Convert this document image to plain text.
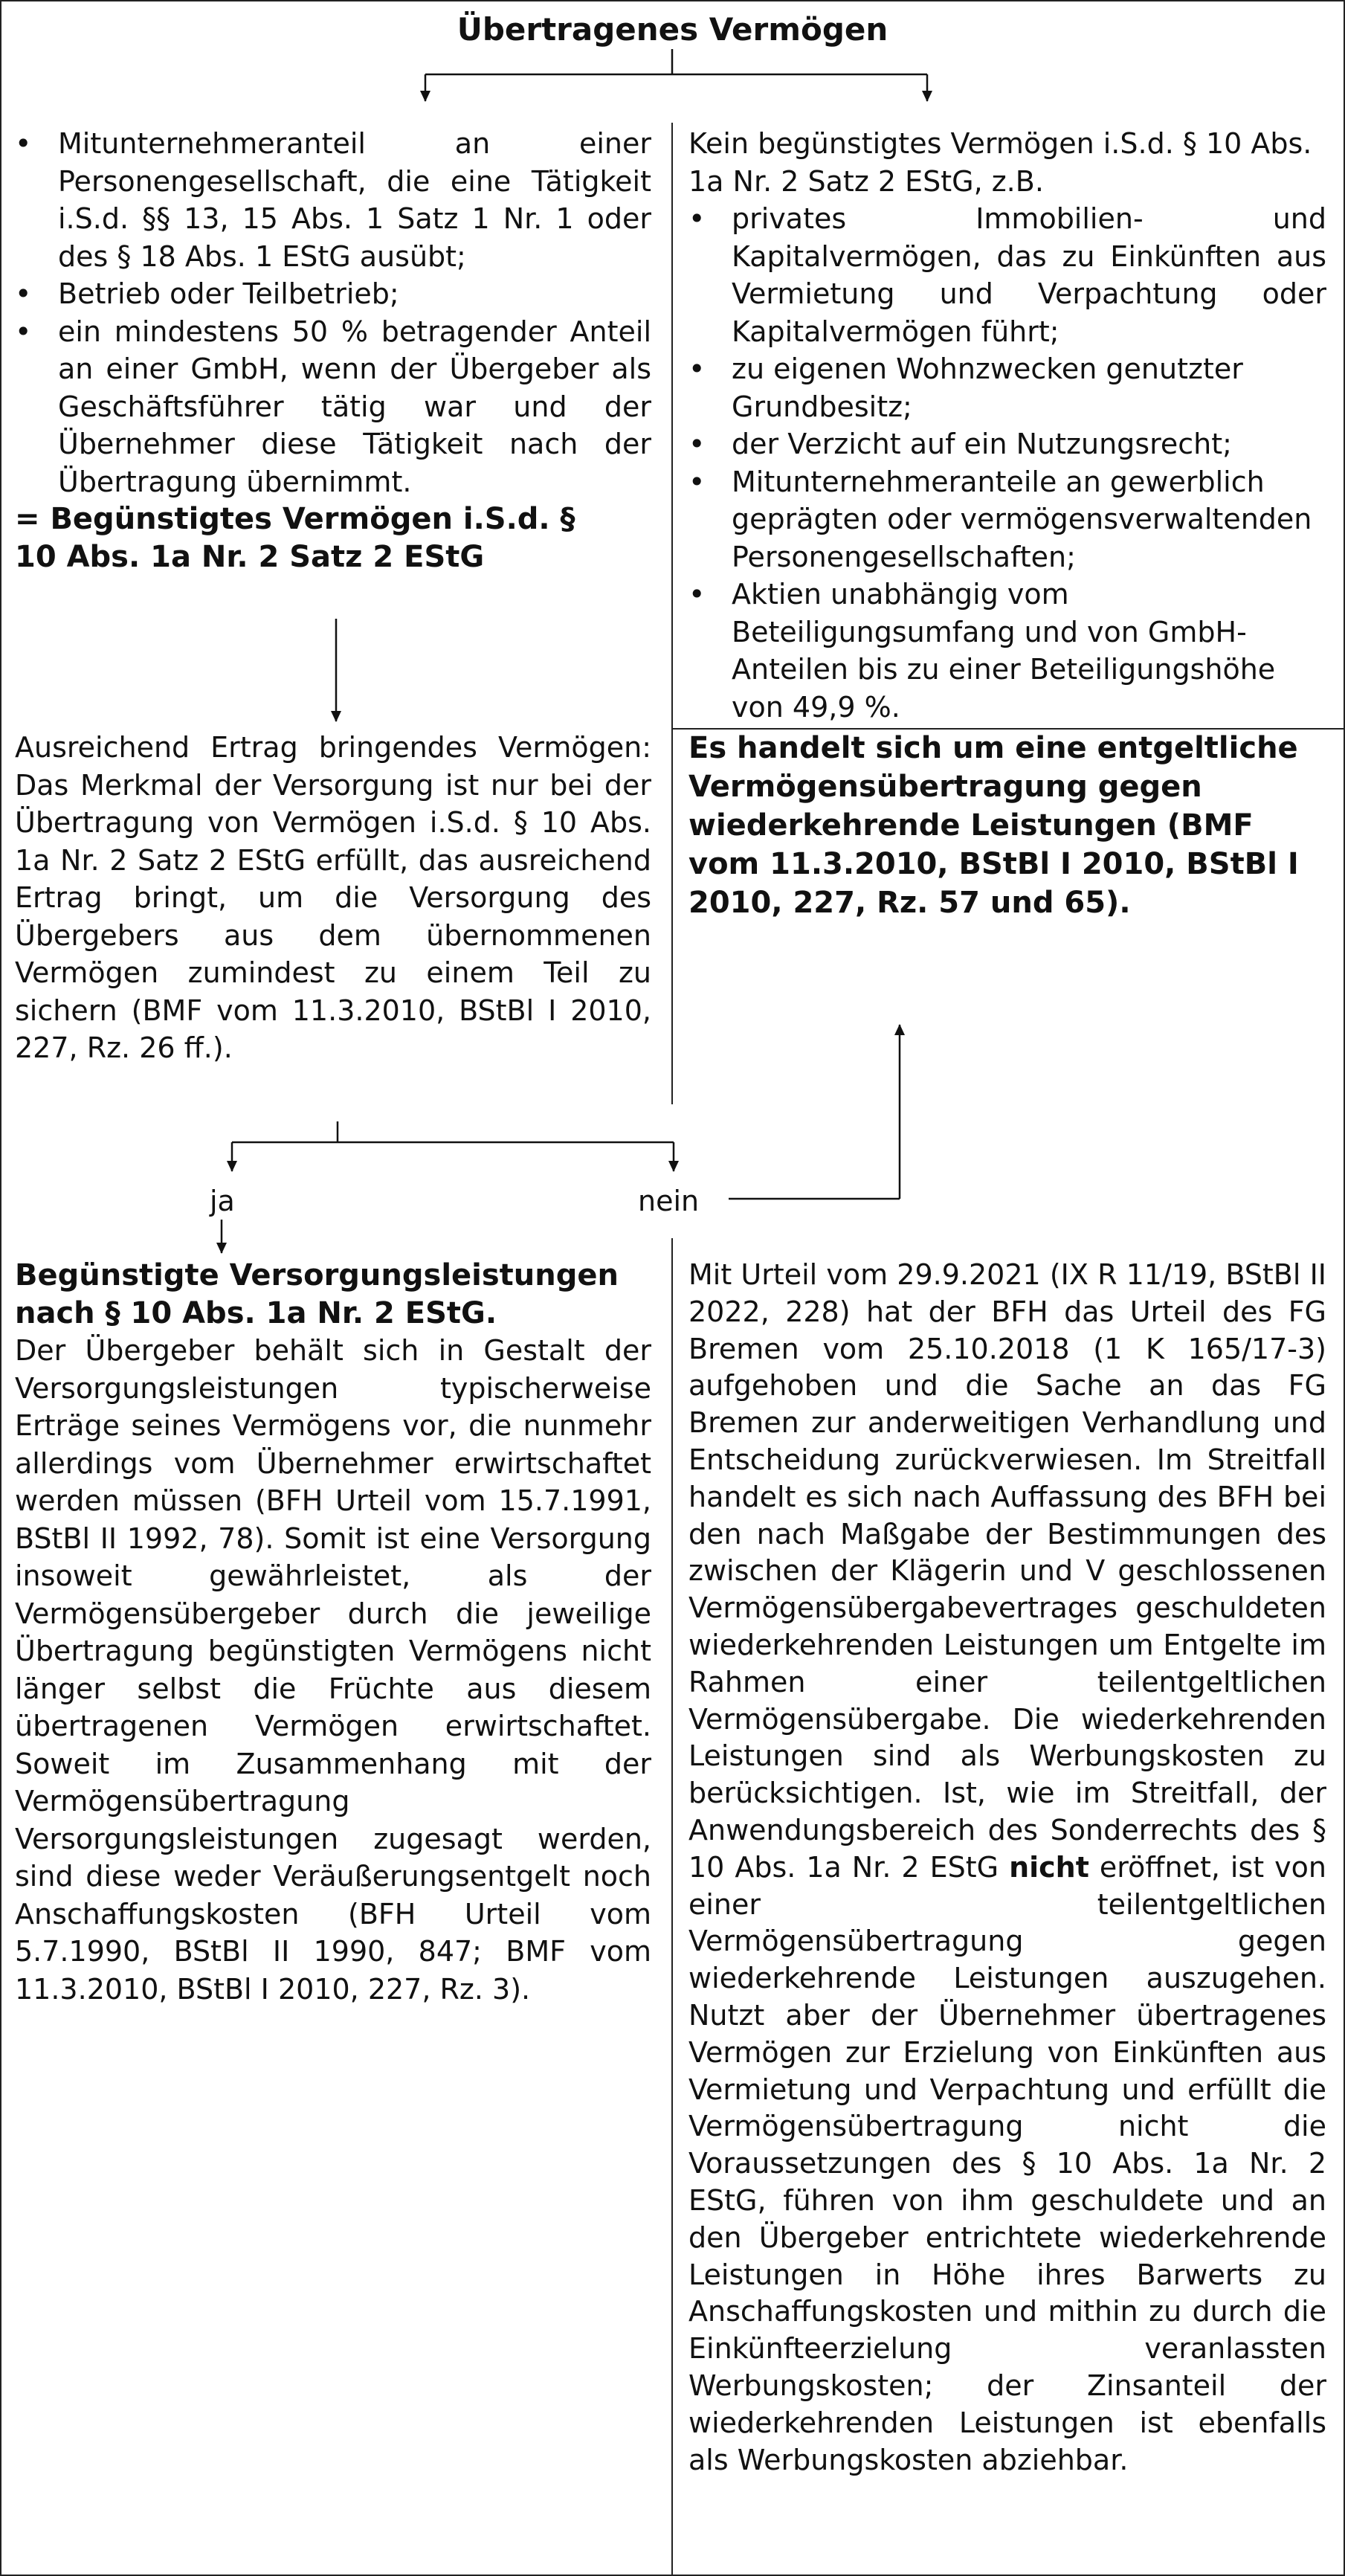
Übertragenes Vermögen
• Mitunternehmeranteil an einer Personengesellschaft, die eine Tätigkeit i.S.d. §§ 13, 15 Abs. 1 Satz 1 Nr. 1 oder des § 18 Abs. 1 EStG ausübt;
• Betrieb oder Teilbetrieb;
• ein mindestens 50 % betragender Anteil an einer GmbH, wenn der Übergeber als Geschäftsführer tätig war und der Übernehmer diese Tätigkeit nach der Übertragung übernimmt.
= Begünstigtes Vermögen i.S.d. § 10 Abs. 1a Nr. 2 Satz 2 EStG
Kein begünstigtes Vermögen i.S.d. § 10 Abs. 1a Nr. 2 Satz 2 EStG, z.B.
• privates Immobilien- und Kapitalvermögen, das zu Einkünften aus Vermietung und Verpachtung oder Kapitalvermögen führt;
• zu eigenen Wohnzwecken genutzter Grundbesitz;
• der Verzicht auf ein Nutzungsrecht;
• Mitunternehmeranteile an gewerblich geprägten oder vermögensverwaltenden Personengesellschaften;
• Aktien unabhängig vom Beteiligungsumfang und von GmbH-Anteilen bis zu einer Beteiligungshöhe von 49,9 %.
Ausreichend Ertrag bringendes Vermögen: Das Merkmal der Versorgung ist nur bei der Übertragung von Vermögen i.S.d. § 10 Abs. 1a Nr. 2 Satz 2 EStG erfüllt, das ausreichend Ertrag bringt, um die Versorgung des Übergebers aus dem übernommenen Vermögen zumindest zu einem Teil zu sichern (BMF vom 11.3.2010, BStBl I 2010, 227, Rz. 26 ff.).
Es handelt sich um eine entgeltliche Vermögensübertragung gegen wiederkehrende Leistungen (BMF vom 11.3.2010, BStBl I 2010, BStBl I 2010, 227, Rz. 57 und 65).
ja	nein
Begünstigte Versorgungsleistungen nach § 10 Abs. 1a Nr. 2 EStG.
Der Übergeber behält sich in Gestalt der Versorgungsleistungen typischerweise Erträge seines Vermögens vor, die nunmehr allerdings vom Übernehmer erwirtschaftet werden müssen (BFH Urteil vom 15.7.1991, BStBl II 1992, 78). Somit ist eine Versorgung insoweit gewährleistet, als der Vermögensübergeber durch die jeweilige Übertragung begünstigten Vermögens nicht länger selbst die Früchte aus diesem übertragenen Vermögen erwirtschaftet. Soweit im Zusammenhang mit der Vermögensübertragung Versorgungsleistungen zugesagt werden, sind diese weder Veräußerungsentgelt noch Anschaffungskosten (BFH Urteil vom 5.7.1990, BStBl II 1990, 847; BMF vom 11.3.2010, BStBl I 2010, 227, Rz. 3).
Mit Urteil vom 29.9.2021 (IX R 11/19, BStBl II 2022, 228) hat der BFH das Urteil des FG Bremen vom 25.10.2018 (1 K 165/17-3) aufgehoben und die Sache an das FG Bremen zur anderweitigen Verhandlung und Entscheidung zurückverwiesen. Im Streitfall handelt es sich nach Auffassung des BFH bei den nach Maßgabe der Bestimmungen des zwischen der Klägerin und V geschlossenen Vermögensübergabevertrages geschuldeten wiederkehrenden Leistungen um Entgelte im Rahmen einer teilentgeltlichen Vermögensübergabe. Die wiederkehrenden Leistungen sind als Werbungskosten zu berücksichtigen. Ist, wie im Streitfall, der Anwendungsbereich des Sonderrechts des § 10 Abs. 1a Nr. 2 EStG nicht eröffnet, ist von einer teilentgeltlichen Vermögensübertragung gegen wiederkehrende Leistungen auszugehen. Nutzt aber der Übernehmer übertragenes Vermögen zur Erzielung von Einkünften aus Vermietung und Verpachtung und erfüllt die Vermögensübertragung nicht die Voraussetzungen des § 10 Abs. 1a Nr. 2 EStG, führen von ihm geschuldete und an den Übergeber entrichtete wiederkehrende Leistungen in Höhe ihres Barwerts zu Anschaffungskosten und mithin zu durch die Einkünfteerzielung veranlassten Werbungskosten; der Zinsanteil der wiederkehrenden Leistungen ist ebenfalls als Werbungskosten abziehbar.
